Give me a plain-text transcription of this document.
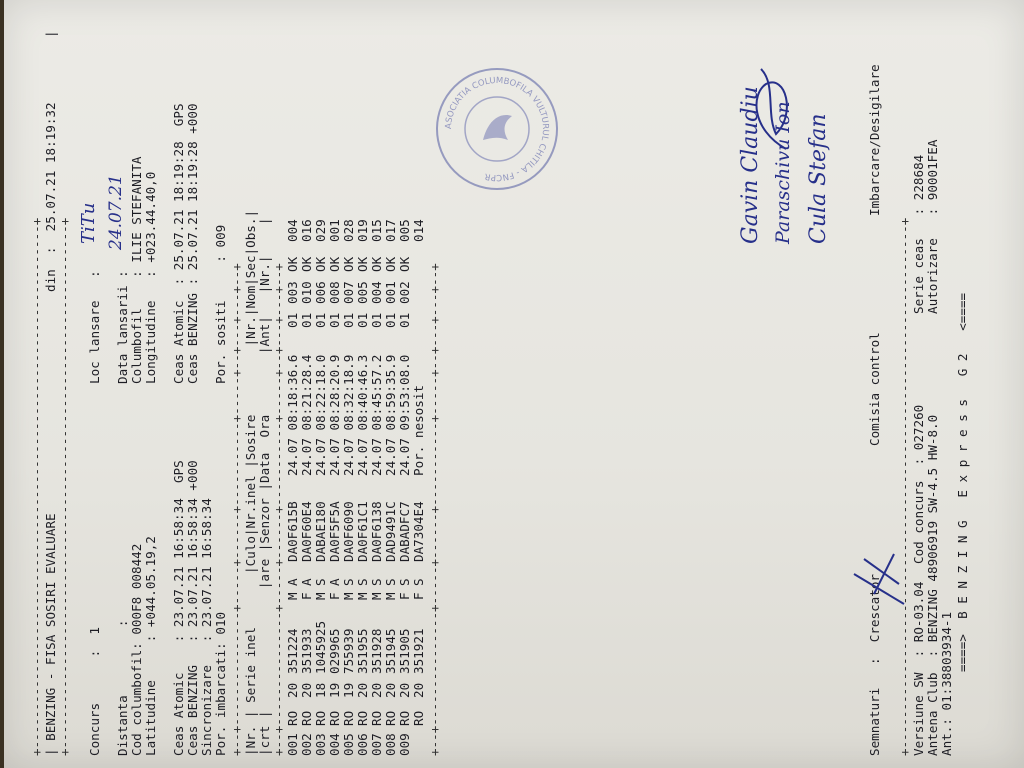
+---------------------------------------------------------------------+ | BENZING - FISA SOSIRI EVALUARE
din  :  25.07.21 18:19:32
|
+---------------------------------------------------------------------+ Concurs      :  1
Loc lansare   :
TiTu
Distanta         : Cod columbofil: 000F8 008442
Latitudine     : +044.05.19,2
Data lansarii :
24.07.21
Columbofil    : ILIE STEFANITA
Longitudine   : +023.44.40,0
Ceas Atomic    : 23.07.21 16:58:34  GPS
Ceas BENZING   : 23.07.21 16:58:34 +000
Sincronizare   : 23.07.21 16:58:34
Por. imbarcati: 010
Ceas Atomic  : 25.07.21 18:19:28  GPS
Ceas BENZING : 25.07.21 18:19:28 +000
Por. sositi     : 009
+--+---------------+-----+------+-----------+-----+--+---+---+--+ |Nr. | Serie inel       |Culo|Nr.inel |Sosire         |Nr.|Nom|Sec|Obs.|
|crt |                |are |Senzor |Data  Ora        |Ant|   |Nr.|    |
+--+---------------+-----+------+-----------+-----+--+---+---+--+ 001	RO	20	351224	M	A	DA0F615B	24.07 08:18:36.6	01	003	OK	004
002	RO	20	351933	F	A	DA0F60E4	24.07 08:21:28.4	01	010	OK	016
003	RO	18	1045925	M	S	DABAE180	24.07 08:22:18.0	01	006	OK	029
004	RO	19	029965	F	A	DA0F5F5A	24.07 08:28:20.9	01	008	OK	001
005	RO	19	755939	M	S	DA0F6090	24.07 08:32:18.9	01	007	OK	028
006	RO	20	351955	M	S	DA0F61C1	24.07 08:40:46.3	01	005	OK	019
007	RO	20	351928	M	S	DA0F6138	24.07 08:45:57.2	01	004	OK	015
008	RO	20	351945	M	S	DAD9491C	24.07 08:59:35.9	01	001	OK	017
009	RO	20	351905	F	S	DABADFC7	24.07 09:53:08.0	01	002	OK	005
	RO	20	351921	F	S	DA7304E4	Por. nesosit				014
+--+---------------+-----+------+-----------+-----+--+---+---+--+
ASOCIATIA COLUMBOFILA VULTURUL CHITILA - FNCPR	Gavin Claudiu Paraschivu Ion Cula Stefan
Semnaturi   :  Crescator
Comisia control
Imbarcare/Desigilare
+---------------------------------------------------------------------+ Versiune SW  : RO-03.04
Cod concurs  : 027260
Serie ceas   : 228684
Antena Club  : BENZING 48906919 SW-4.5 HW-8.0
Autorizare   : 90001FEA
Ant.: 01:38803934-1 ====>  B E N Z I N G   E x p r e s s   G 2   <====
